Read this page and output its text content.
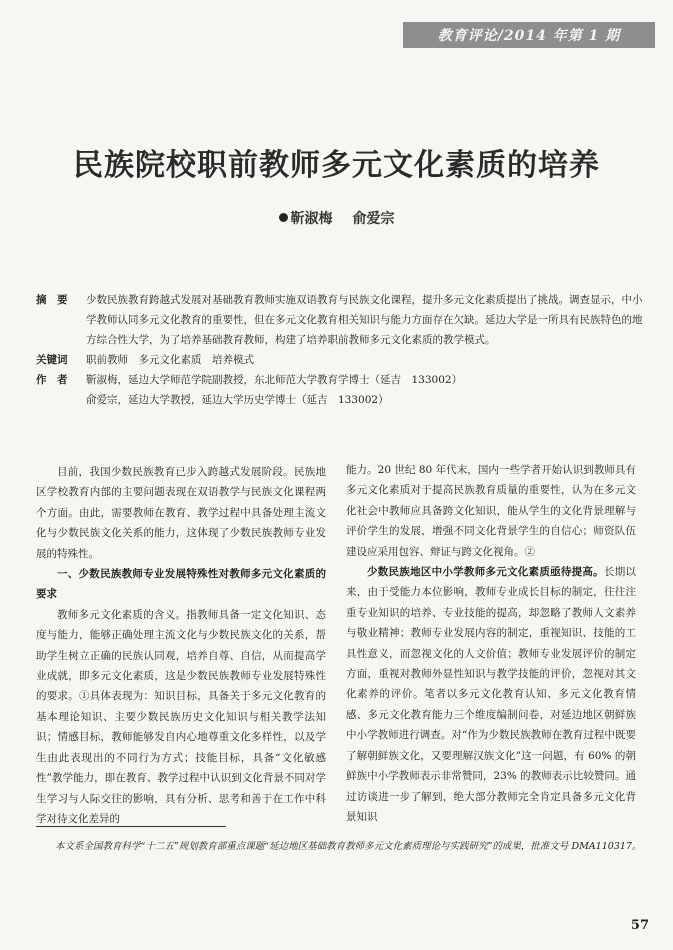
教育评论/2014 年第 1 期
民族院校职前教师多元文化素质的培养
靳淑梅 俞爱宗
摘　要	少数民族教育跨越式发展对基础教育教师实施双语教育与民族文化课程，提升多元文化素质提出了挑战。调查显示，中小学教师认同多元文化教育的重要性，但在多元文化教育相关知识与能力方面存在欠缺。延边大学是一所具有民族特色的地方综合性大学，为了培养基础教育教师，构建了培养职前教师多元文化素质的教学模式。
关键词	职前教师　多元文化素质　培养模式
作　者	靳淑梅，延边大学师范学院副教授，东北师范大学教育学博士（延吉　133002）
俞爱宗，延边大学教授，延边大学历史学博士（延吉　133002）

目前，我国少数民族教育已步入跨越式发展阶段。民族地区学校教育内部的主要问题表现在双语教学与民族文化课程两个方面。由此，需要教师在教育、教学过程中具备处理主流文化与少数民族文化关系的能力，这体现了少数民族教师专业发展的特殊性。

一、少数民族教师专业发展特殊性对教师多元文化素质的要求

教师多元文化素质的含义。指教师具备一定文化知识、态度与能力，能够正确处理主流文化与少数民族文化的关系，帮助学生树立正确的民族认同观，培养自尊、自信，从而提高学业成就，即多元文化素质，这是少数民族教师专业发展特殊性的要求。①具体表现为：知识目标，具备关于多元文化教育的基本理论知识、主要少数民族历史文化知识与相关教学法知识；情感目标，教师能够发自内心地尊重文化多样性，以及学生由此表现出的不同行为方式；技能目标，具备“文化敏感性”教学能力，即在教育、教学过程中认识到文化背景不同对学生学习与人际交往的影响，具有分析、思考和善于在工作中科学对待文化差异的

能力。20 世纪 80 年代末，国内一些学者开始认识到教师具有多元文化素质对于提高民族教育质量的重要性，认为在多元文化社会中教师应具备跨文化知识，能从学生的文化背景理解与评价学生的发展，增强不同文化背景学生的自信心；师资队伍建设应采用包容、辩证与跨文化视角。②

少数民族地区中小学教师多元文化素质亟待提高。长期以来，由于受能力本位影响，教师专业成长目标的制定，往往注重专业知识的培养、专业技能的提高，却忽略了教师人文素养与敬业精神；教师专业发展内容的制定，重视知识、技能的工具性意义，而忽视文化的人文价值；教师专业发展评价的制定方面，重视对教师外显性知识与教学技能的评价，忽视对其文化素养的评价。笔者以多元文化教育认知、多元文化教育情感、多元文化教育能力三个维度编制问卷，对延边地区朝鲜族中小学教师进行调查。对“作为少数民族教师在教育过程中既要了解朝鲜族文化，又要理解汉族文化”这一问题，有 60% 的朝鲜族中小学教师表示非常赞同，23% 的教师表示比较赞同。通过访谈进一步了解到，绝大部分教师完全肯定具备多元文化背景知识

本文系全国教育科学“十二五”规划教育部重点课题“延边地区基础教育教师多元文化素质理论与实践研究”的成果，批准文号 DMA110317。
57
